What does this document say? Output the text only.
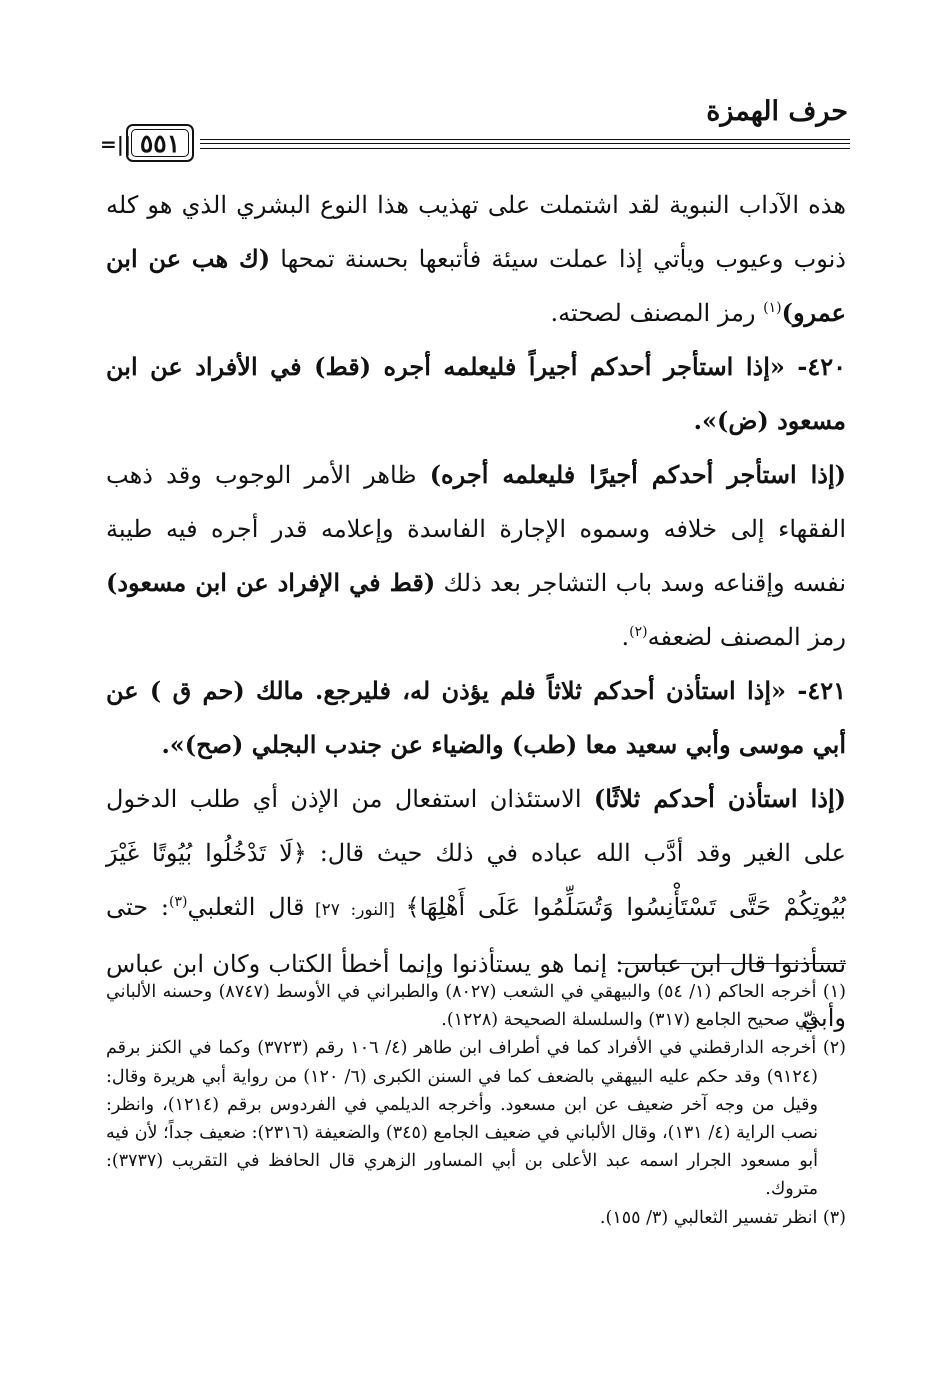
حرف الهمزة
٥٥١
=||

هذه الآداب النبوية لقد اشتملت على تهذيب هذا النوع البشري الذي هو كله ذنوب وعيوب ويأتي إذا عملت سيئة فأتبعها بحسنة تمحها (ك هب عن ابن عمرو)$^{(١)}$ رمز المصنف لصحته.

٤٢٠- «إذا استأجر أحدكم أجيراً فليعلمه أجره (قط) في الأفراد عن ابن مسعود (ض)».

(إذا استأجر أحدكم أجيرًا فليعلمه أجره) ظاهر الأمر الوجوب وقد ذهب الفقهاء إلى خلافه وسموه الإجارة الفاسدة وإعلامه قدر أجره فيه طيبة نفسه وإقناعه وسد باب التشاجر بعد ذلك (قط في الإفراد عن ابن مسعود) رمز المصنف لضعفه$^{(٢)}$.

٤٢١- «إذا استأذن أحدكم ثلاثاً فلم يؤذن له، فليرجع. مالك (حم ق ) عن أبي موسى وأبي سعيد معا (طب) والضياء عن جندب البجلي (صح)».

(إذا استأذن أحدكم ثلاثًا) الاستئذان استفعال من الإذن أي طلب الدخول على الغير وقد أدَّب الله عباده في ذلك حيث قال: ﴿لَا تَدْخُلُوا بُيُوتًا غَيْرَ بُيُوتِكُمْ حَتَّى تَسْتَأْنِسُوا وَتُسَلِّمُوا عَلَى أَهْلِهَا﴾ [النور: ٢٧] قال الثعلبي$^{(٣)}$: حتى تسأذنوا قال ابن عباس: إنما هو يستأذنوا وإنما أخطأ الكتاب وكان ابن عباس وأبيّ

(١) أخرجه الحاكم (١/ ٥٤) والبيهقي في الشعب (٨٠٢٧) والطبراني في الأوسط (٨٧٤٧) وحسنه الألباني في صحيح الجامع (٣١٧) والسلسلة الصحيحة (١٢٢٨).

(٢) أخرجه الدارقطني في الأفراد كما في أطراف ابن طاهر (٤/ ١٠٦ رقم (٣٧٢٣) وكما في الكنز برقم (٩١٢٤) وقد حكم عليه البيهقي بالضعف كما في السنن الكبرى (٦/ ١٢٠) من رواية أبي هريرة وقال: وقيل من وجه آخر ضعيف عن ابن مسعود. وأخرجه الديلمي في الفردوس برقم (١٢١٤)، وانظر: نصب الراية (٤/ ١٣١)، وقال الألباني في ضعيف الجامع (٣٤٥) والضعيفة (٢٣١٦): ضعيف جداً؛ لأن فيه أبو مسعود الجرار اسمه عبد الأعلى بن أبي المساور الزهري قال الحافظ في التقريب (٣٧٣٧): متروك.

(٣) انظر تفسير الثعالبي (٣/ ١٥٥).
